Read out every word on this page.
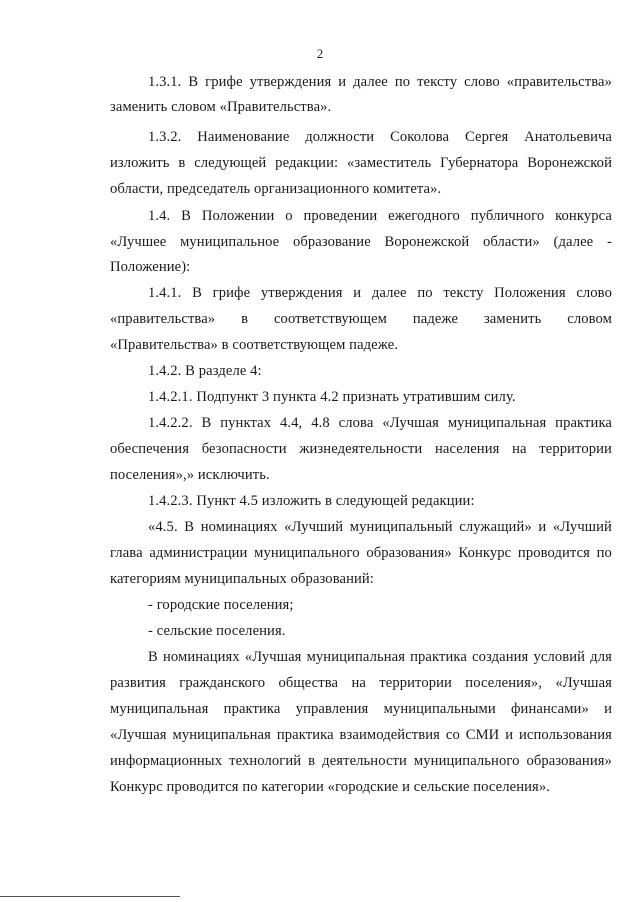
2
1.3.1. В грифе утверждения и далее по тексту слово «правительства»
заменить словом «Правительства».
1.3.2. Наименование должности Соколова Сергея Анатольевича
изложить в следующей редакции: «заместитель Губернатора Воронежской
области, председатель организационного комитета».
1.4. В Положении о проведении ежегодного публичного конкурса
«Лучшее муниципальное образование Воронежской области» (далее -
Положение):
1.4.1. В грифе утверждения и далее по тексту Положения слово
«правительства» в соответствующем падеже заменить словом
«Правительства» в соответствующем падеже.
1.4.2. В разделе 4:
1.4.2.1. Подпункт 3 пункта 4.2 признать утратившим силу.
1.4.2.2. В пунктах 4.4, 4.8 слова «Лучшая муниципальная практика
обеспечения безопасности жизнедеятельности населения на территории
поселения»,» исключить.
1.4.2.3. Пункт 4.5 изложить в следующей редакции:
«4.5. В номинациях «Лучший муниципальный служащий» и «Лучший
глава администрации муниципального образования» Конкурс проводится по
категориям муниципальных образований:
- городские поселения;
- сельские поселения.
В номинациях «Лучшая муниципальная практика создания условий для
развития гражданского общества на территории поселения», «Лучшая
муниципальная практика управления муниципальными финансами» и
«Лучшая муниципальная практика взаимодействия со СМИ и использования
информационных технологий в деятельности муниципального образования»
Конкурс проводится по категории «городские и сельские поселения».
